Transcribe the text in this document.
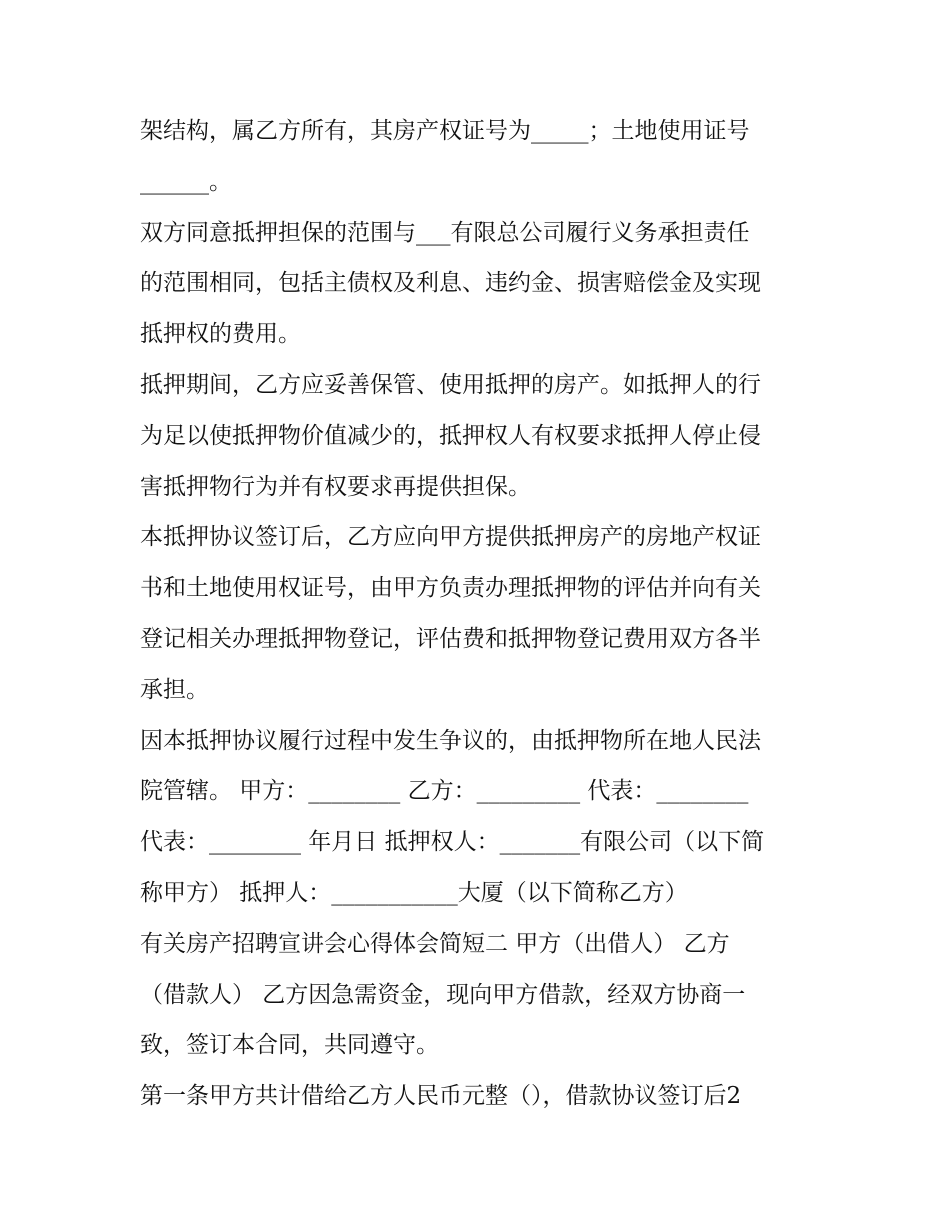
架结构，属乙方所有，其房产权证号为_____；土地使用证号
______。
双方同意抵押担保的范围与___有限总公司履行义务承担责任
的范围相同，包括主债权及利息、违约金、损害赔偿金及实现
抵押权的费用。
抵押期间，乙方应妥善保管、使用抵押的房产。如抵押人的行
为足以使抵押物价值减少的，抵押权人有权要求抵押人停止侵
害抵押物行为并有权要求再提供担保。
本抵押协议签订后，乙方应向甲方提供抵押房产的房地产权证
书和土地使用权证号，由甲方负责办理抵押物的评估并向有关
登记相关办理抵押物登记，评估费和抵押物登记费用双方各半
承担。
因本抵押协议履行过程中发生争议的，由抵押物所在地人民法
院管辖。 甲方：________ 乙方：_________ 代表：________
代表：________ 年月日 抵押权人：_______有限公司（以下简
称甲方） 抵押人：___________大厦（以下简称乙方）
有关房产招聘宣讲会心得体会简短二 甲方（出借人） 乙方
（借款人） 乙方因急需资金，现向甲方借款，经双方协商一
致，签订本合同，共同遵守。
第一条甲方共计借给乙方人民币元整（），借款协议签订后2
